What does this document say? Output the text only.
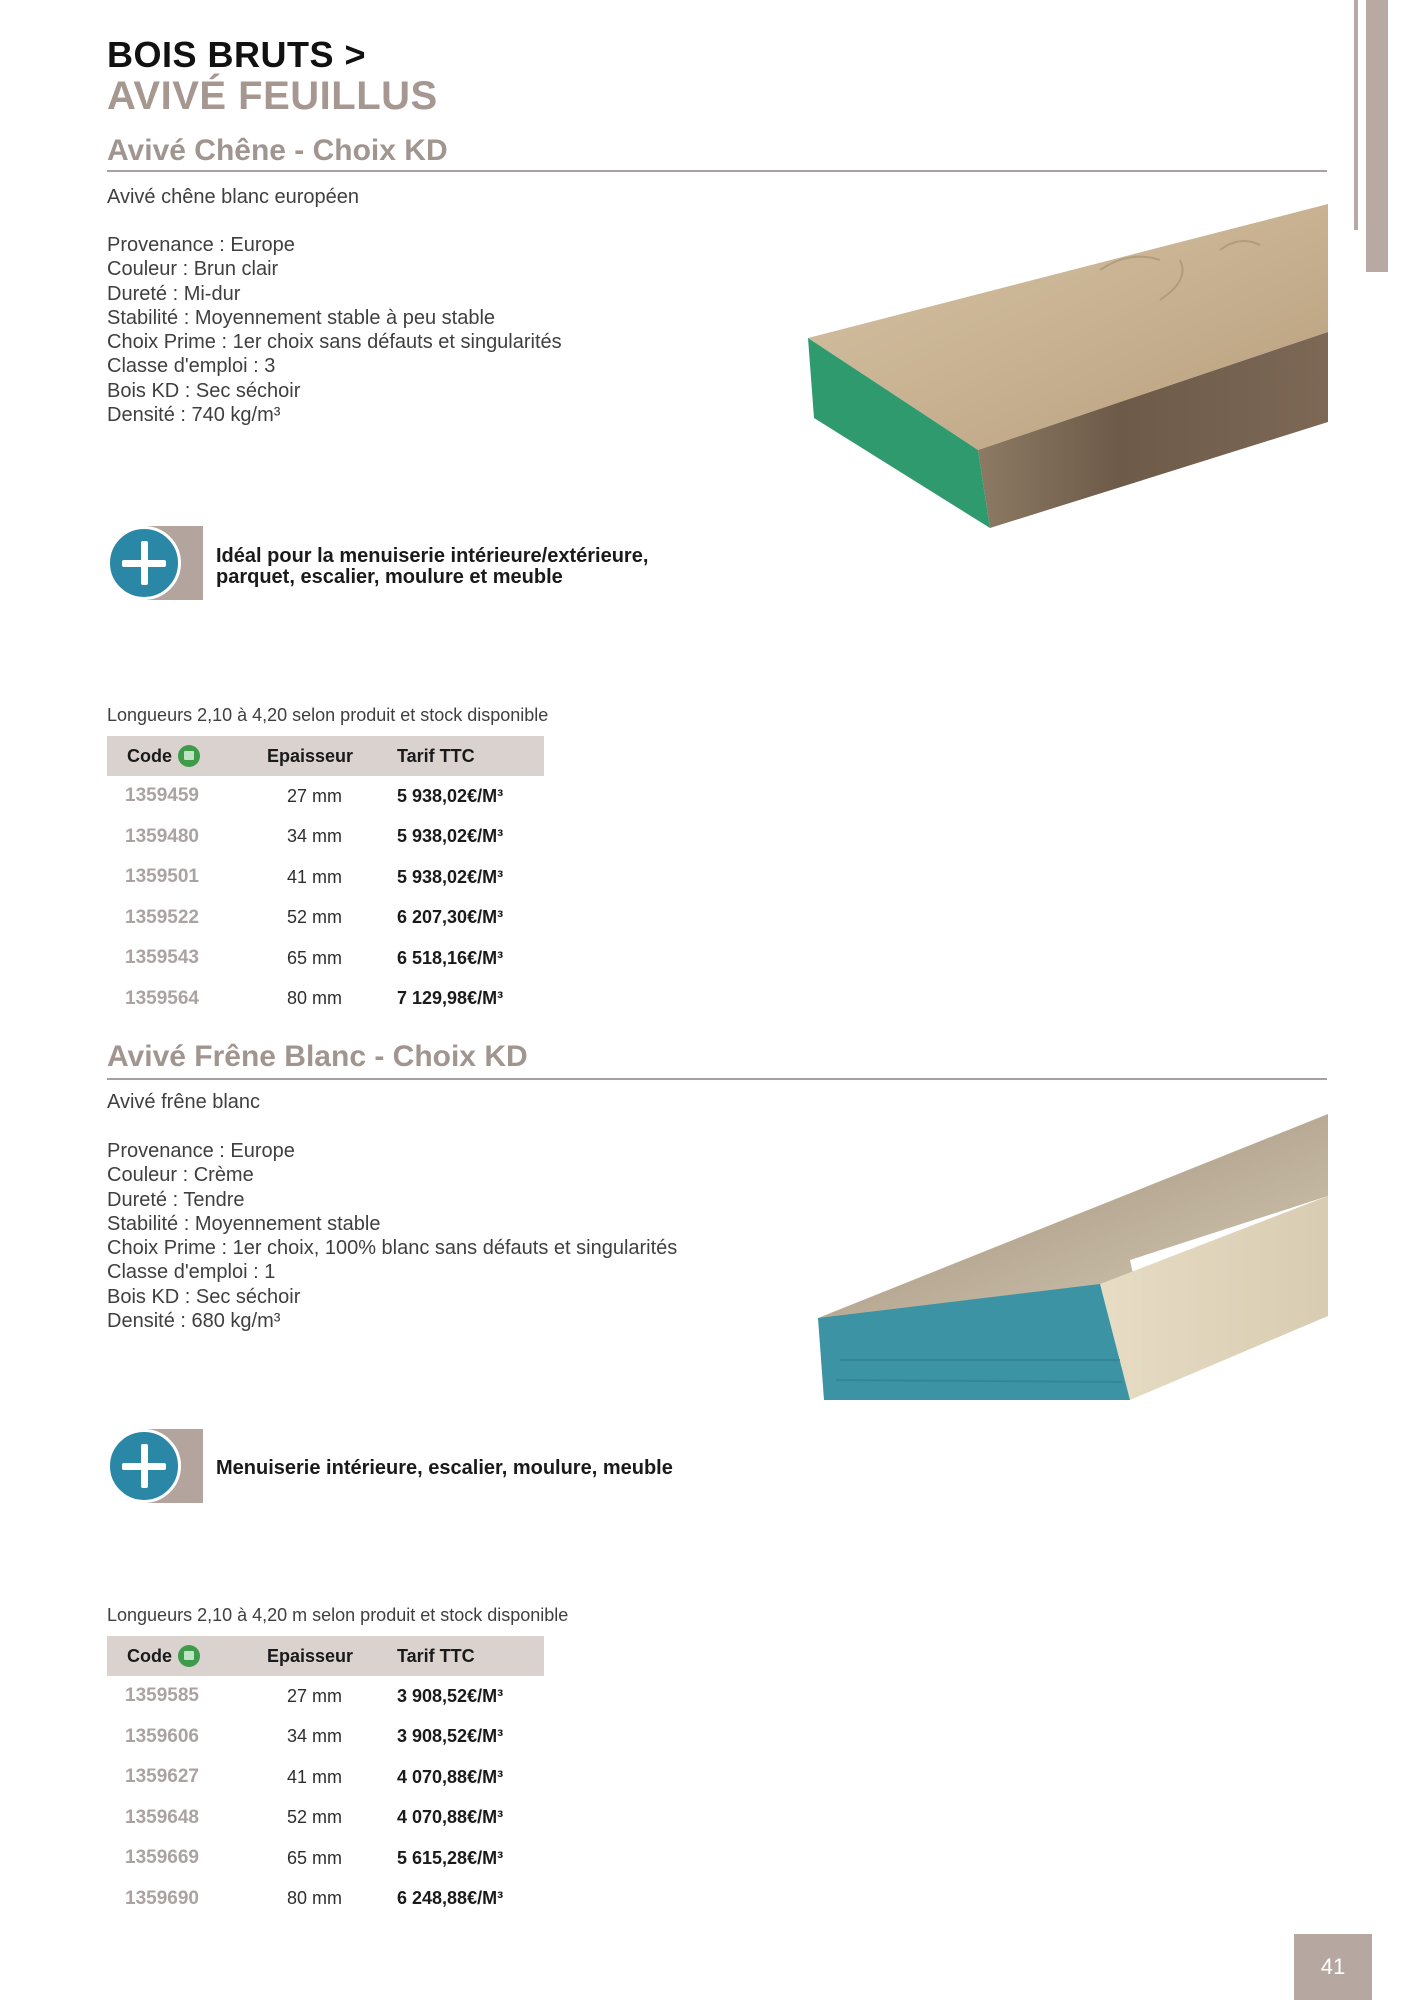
BOIS BRUTS >
AVIVÉ FEUILLUS
Avivé Chêne - Choix KD
Avivé chêne blanc européen
Provenance : Europe
Couleur : Brun clair
Dureté : Mi-dur
Stabilité : Moyennement stable à peu stable
Choix Prime : 1er choix sans défauts et singularités
Classe d'emploi : 3
Bois KD : Sec séchoir
Densité : 740 kg/m³
Idéal pour la menuiserie intérieure/extérieure,
parquet, escalier, moulure et meuble
Longueurs 2,10 à 4,20 selon produit et stock disponible
Code	Epaisseur	Tarif TTC
1359459	27 mm	5 938,02€/M³
1359480	34 mm	5 938,02€/M³
1359501	41 mm	5 938,02€/M³
1359522	52 mm	6 207,30€/M³
1359543	65 mm	6 518,16€/M³
1359564	80 mm	7 129,98€/M³
Avivé Frêne Blanc - Choix KD
Avivé frêne blanc
Provenance : Europe
Couleur : Crème
Dureté : Tendre
Stabilité : Moyennement stable
Choix Prime : 1er choix, 100% blanc sans défauts et singularités
Classe d'emploi : 1
Bois KD : Sec séchoir
Densité : 680 kg/m³
Menuiserie intérieure, escalier, moulure, meuble
Longueurs 2,10 à 4,20 m selon produit et stock disponible
Code	Epaisseur	Tarif TTC
1359585	27 mm	3 908,52€/M³
1359606	34 mm	3 908,52€/M³
1359627	41 mm	4 070,88€/M³
1359648	52 mm	4 070,88€/M³
1359669	65 mm	5 615,28€/M³
1359690	80 mm	6 248,88€/M³
41
